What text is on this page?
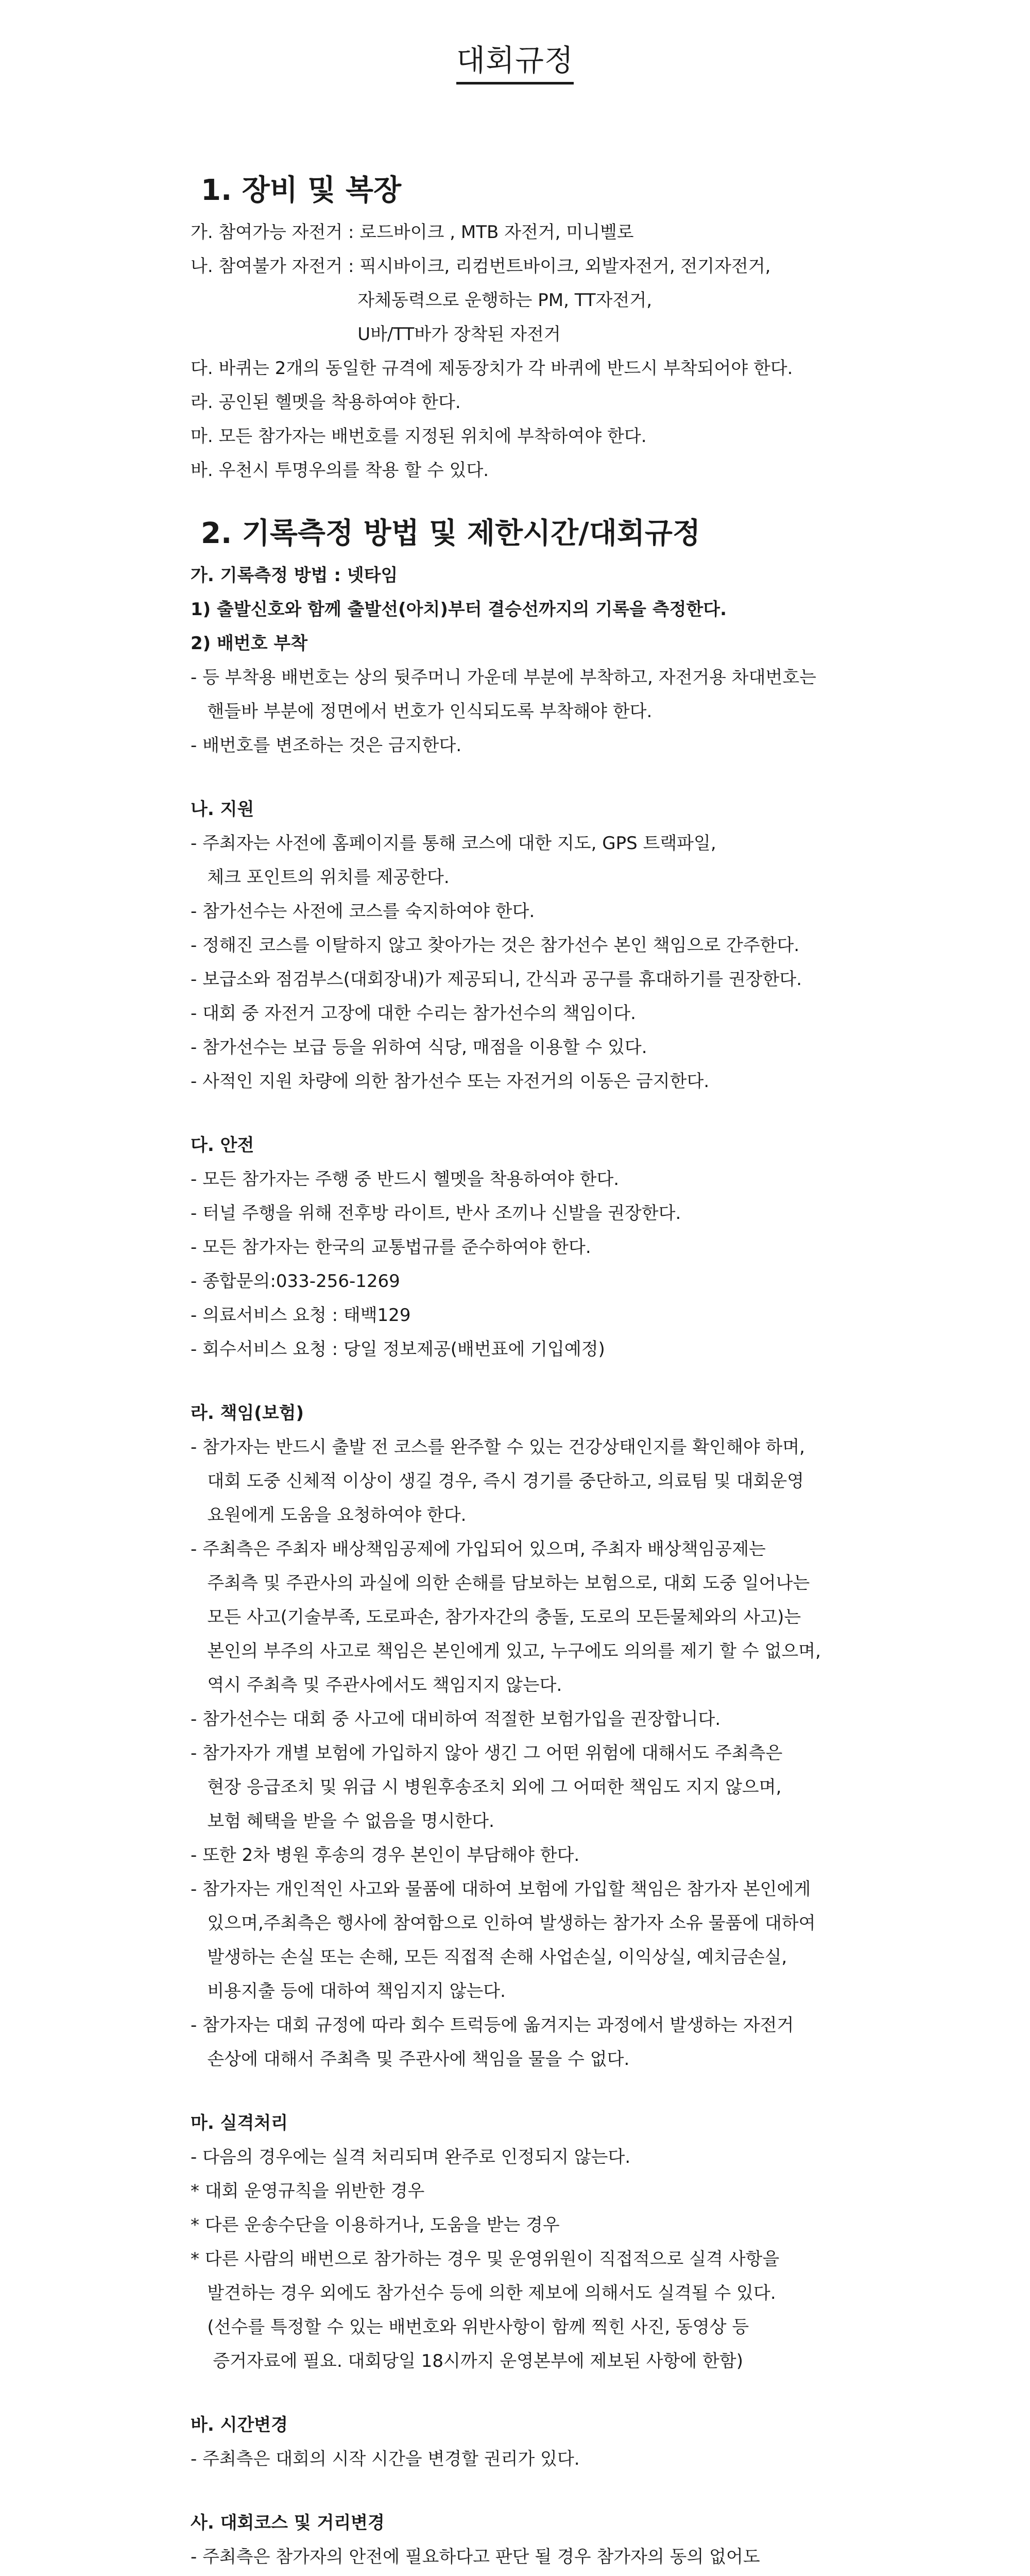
대회규정
1. 장비 및 복장
가. 참여가능 자전거 : 로드바이크 , MTB 자전거, 미니벨로
나. 참여불가 자전거 : 픽시바이크, 리컴번트바이크, 외발자전거, 전기자전거,
자체동력으로 운행하는 PM, TT자전거,
U바/TT바가 장착된 자전거
다. 바퀴는 2개의 동일한 규격에 제동장치가 각 바퀴에 반드시 부착되어야 한다.
라. 공인된 헬멧을 착용하여야 한다.
마. 모든 참가자는 배번호를 지정된 위치에 부착하여야 한다.
바. 우천시 투명우의를 착용 할 수 있다.
2. 기록측정 방법 및 제한시간/대회규정
가. 기록측정 방법 : 넷타임
1) 출발신호와 함께 출발선(아치)부터 결승선까지의 기록을 측정한다.
2) 배번호 부착
- 등 부착용 배번호는 상의 뒷주머니 가운데 부분에 부착하고, 자전거용 차대번호는
핸들바 부분에 정면에서 번호가 인식되도록 부착해야 한다.
- 배번호를 변조하는 것은 금지한다.
나. 지원
- 주최자는 사전에 홈페이지를 통해 코스에 대한 지도, GPS 트랙파일,
체크 포인트의 위치를 제공한다.
- 참가선수는 사전에 코스를 숙지하여야 한다.
- 정해진 코스를 이탈하지 않고 찾아가는 것은 참가선수 본인 책임으로 간주한다.
- 보급소와 점검부스(대회장내)가 제공되니, 간식과 공구를 휴대하기를 권장한다.
- 대회 중 자전거 고장에 대한 수리는 참가선수의 책임이다.
- 참가선수는 보급 등을 위하여 식당, 매점을 이용할 수 있다.
- 사적인 지원 차량에 의한 참가선수 또는 자전거의 이동은 금지한다.
다. 안전
- 모든 참가자는 주행 중 반드시 헬멧을 착용하여야 한다.
- 터널 주행을 위해 전후방 라이트, 반사 조끼나 신발을 권장한다.
- 모든 참가자는 한국의 교통법규를 준수하여야 한다.
- 종합문의:033-256-1269
- 의료서비스 요청 : 태백129
- 회수서비스 요청 : 당일 정보제공(배번표에 기입예정)
라. 책임(보험)
- 참가자는 반드시 출발 전 코스를 완주할 수 있는 건강상태인지를 확인해야 하며,
대회 도중 신체적 이상이 생길 경우, 즉시 경기를 중단하고, 의료팀 및 대회운영
요원에게 도움을 요청하여야 한다.
- 주최측은 주최자 배상책임공제에 가입되어 있으며, 주최자 배상책임공제는
주최측 및 주관사의 과실에 의한 손해를 담보하는 보험으로, 대회 도중 일어나는
모든 사고(기술부족, 도로파손, 참가자간의 충돌, 도로의 모든물체와의 사고)는
본인의 부주의 사고로 책임은 본인에게 있고, 누구에도 의의를 제기 할 수 없으며,
역시 주최측 및 주관사에서도 책임지지 않는다.
- 참가선수는 대회 중 사고에 대비하여 적절한 보험가입을 권장합니다.
- 참가자가 개별 보험에 가입하지 않아 생긴 그 어떤 위험에 대해서도 주최측은
현장 응급조치 및 위급 시 병원후송조치 외에 그 어떠한 책임도 지지 않으며,
보험 혜택을 받을 수 없음을 명시한다.
- 또한 2차 병원 후송의 경우 본인이 부담해야 한다.
- 참가자는 개인적인 사고와 물품에 대하여 보험에 가입할 책임은 참가자 본인에게
있으며,주최측은 행사에 참여함으로 인하여 발생하는 참가자 소유 물품에 대하여
발생하는 손실 또는 손해, 모든 직접적 손해 사업손실, 이익상실, 예치금손실,
비용지출 등에 대하여 책임지지 않는다.
- 참가자는 대회 규정에 따라 회수 트럭등에 옮겨지는 과정에서 발생하는 자전거
손상에 대해서 주최측 및 주관사에 책임을 물을 수 없다.
마. 실격처리
- 다음의 경우에는 실격 처리되며 완주로 인정되지 않는다.
* 대회 운영규칙을 위반한 경우
* 다른 운송수단을 이용하거나, 도움을 받는 경우
* 다른 사람의 배번으로 참가하는 경우 및 운영위원이 직접적으로 실격 사항을
발견하는 경우 외에도 참가선수 등에 의한 제보에 의해서도 실격될 수 있다.
(선수를 특정할 수 있는 배번호와 위반사항이 함께 찍힌 사진, 동영상 등
증거자료에 필요. 대회당일 18시까지 운영본부에 제보된 사항에 한함)
바. 시간변경
- 주최측은 대회의 시작 시간을 변경할 권리가 있다.
사. 대회코스 및 거리변경
- 주최측은 참가자의 안전에 필요하다고 판단 될 경우 참가자의 동의 없어도
